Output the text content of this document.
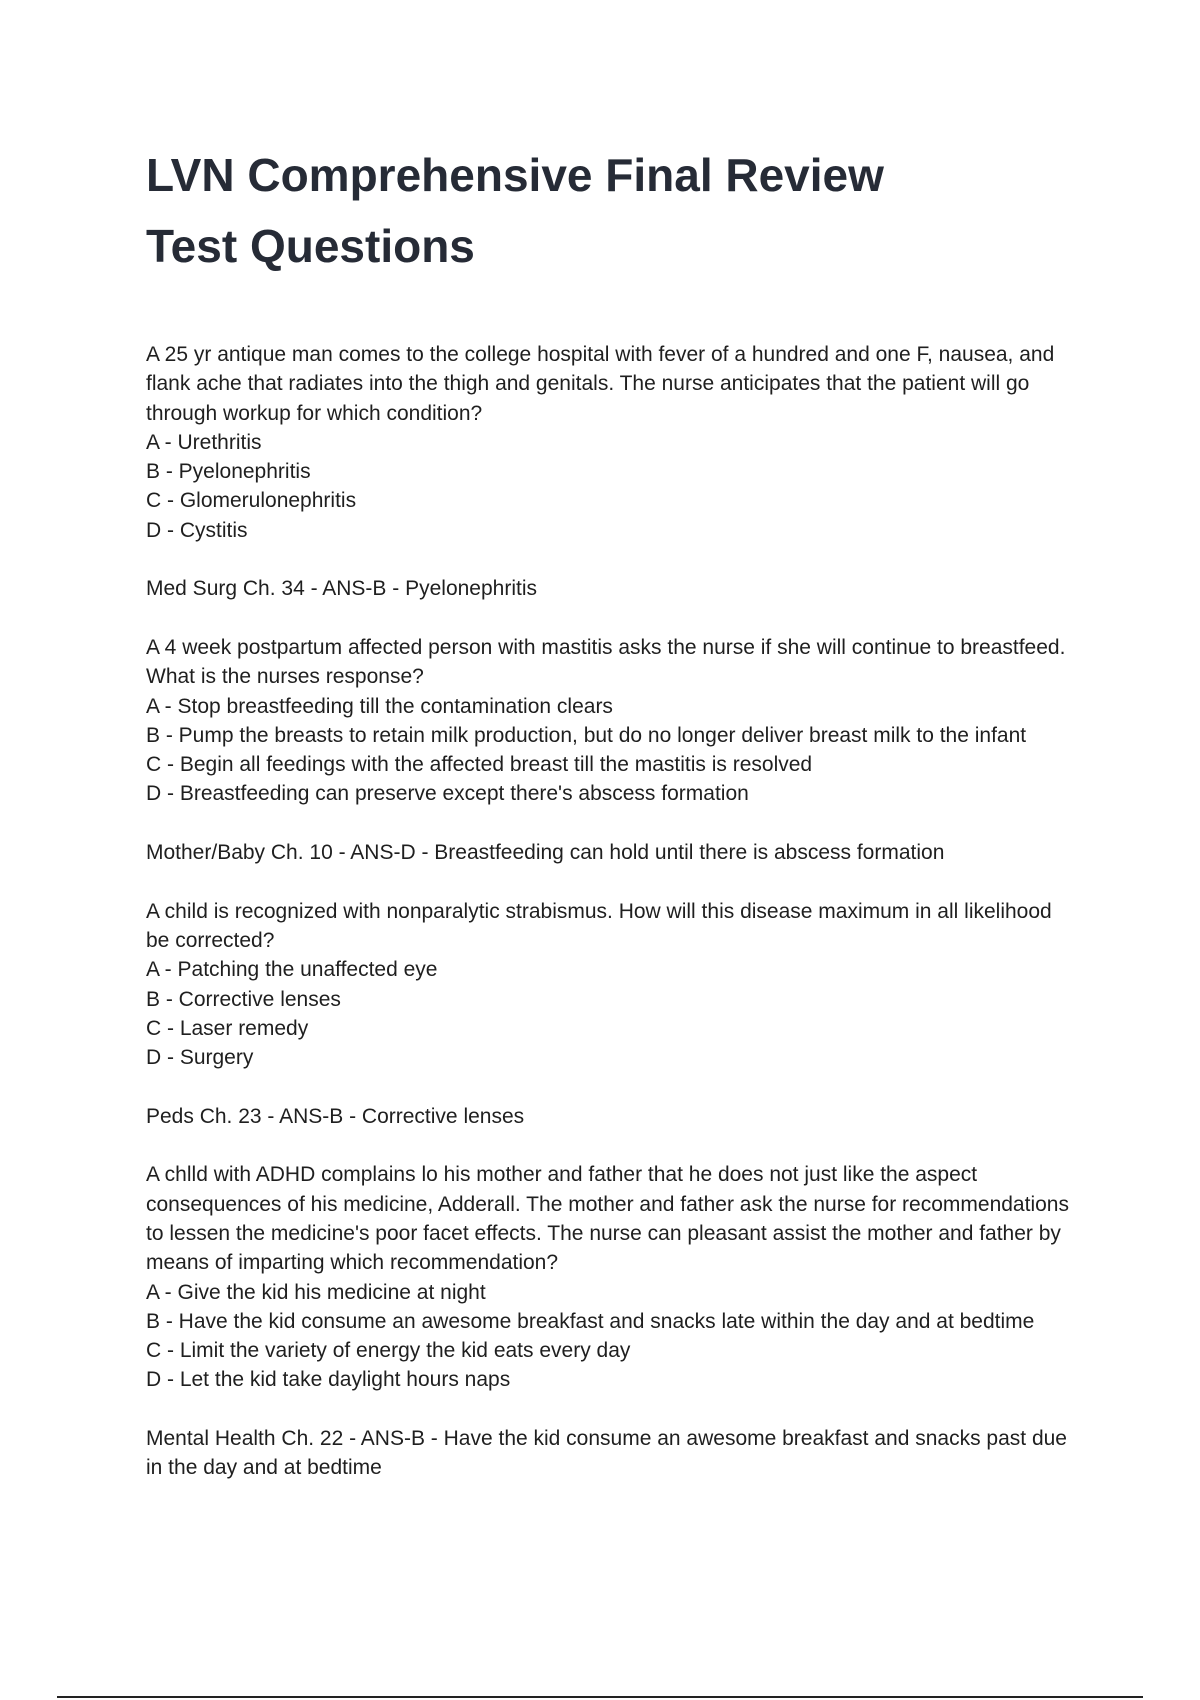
LVN Comprehensive Final Review
Test Questions
A 25 yr antique man comes to the college hospital with fever of a hundred and one F, nausea, and flank ache that radiates into the thigh and genitals. The nurse anticipates that the patient will go through workup for which condition?
A - Urethritis
B - Pyelonephritis
C - Glomerulonephritis
D - Cystitis
Med Surg Ch. 34 - ANS-B - Pyelonephritis
A 4 week postpartum affected person with mastitis asks the nurse if she will continue to breastfeed. What is the nurses response?
A - Stop breastfeeding till the contamination clears
B - Pump the breasts to retain milk production, but do no longer deliver breast milk to the infant
C - Begin all feedings with the affected breast till the mastitis is resolved
D - Breastfeeding can preserve except there's abscess formation
Mother/Baby Ch. 10 - ANS-D - Breastfeeding can hold until there is abscess formation
A child is recognized with nonparalytic strabismus. How will this disease maximum in all likelihood be corrected?
A - Patching the unaffected eye
B - Corrective lenses
C - Laser remedy
D - Surgery
Peds Ch. 23 - ANS-B - Corrective lenses
A chlld with ADHD complains lo his mother and father that he does not just like the aspect consequences of his medicine, Adderall. The mother and father ask the nurse for recommendations to lessen the medicine's poor facet effects. The nurse can pleasant assist the mother and father by means of imparting which recommendation?
A - Give the kid his medicine at night
B - Have the kid consume an awesome breakfast and snacks late within the day and at bedtime
C - Limit the variety of energy the kid eats every day
D - Let the kid take daylight hours naps
Mental Health Ch. 22 - ANS-B - Have the kid consume an awesome breakfast and snacks past due in the day and at bedtime
